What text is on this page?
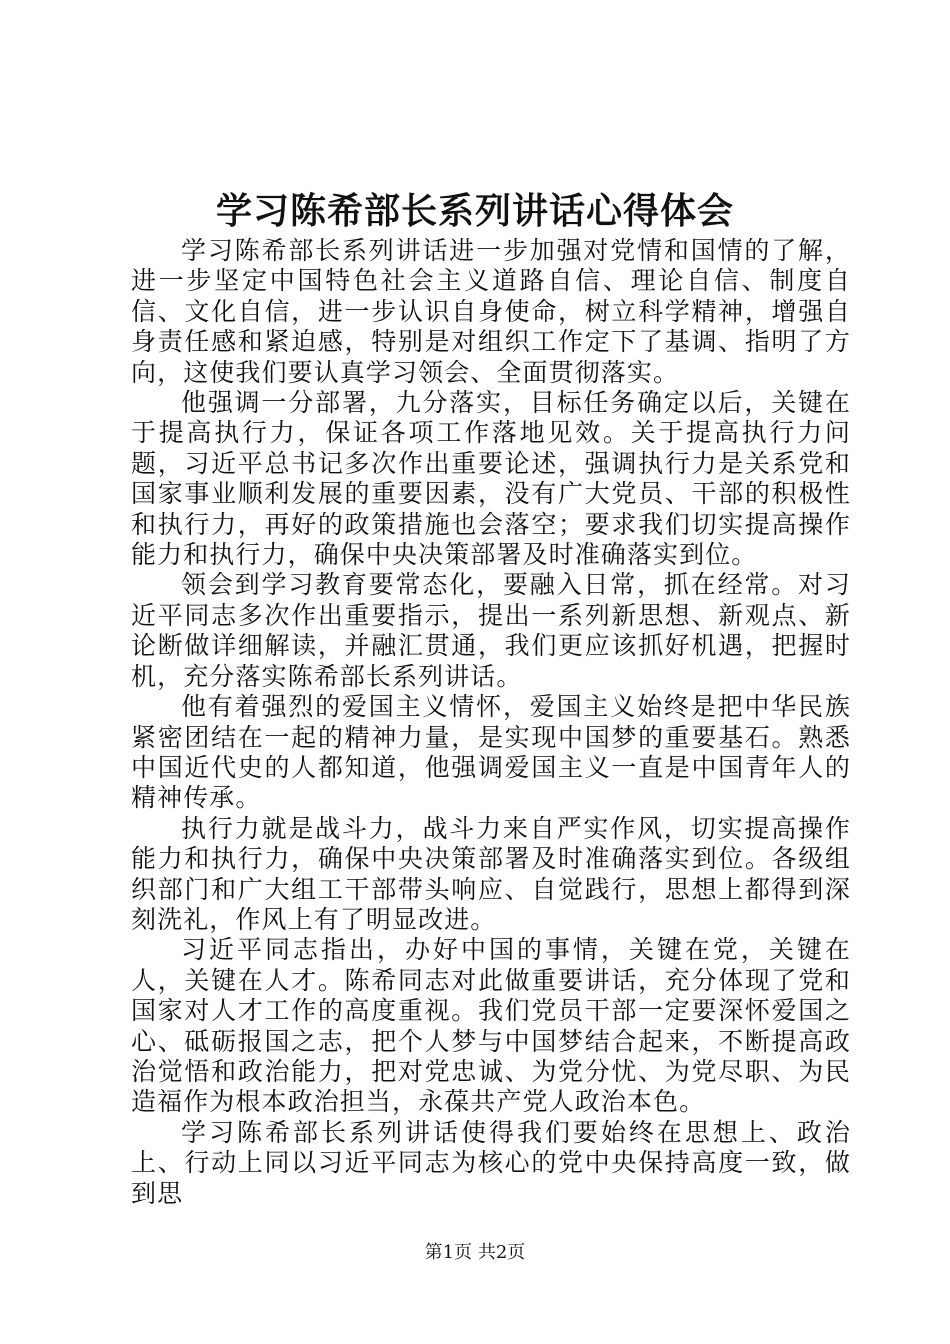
学习陈希部长系列讲话心得体会

学习陈希部长系列讲话进一步加强对党情和国情的了解，进一步坚定中国特色社会主义道路自信、理论自信、制度自信、文化自信，进一步认识自身使命，树立科学精神，增强自身责任感和紧迫感，特别是对组织工作定下了基调、指明了方向，这使我们要认真学习领会、全面贯彻落实。

他强调一分部署，九分落实，目标任务确定以后，关键在于提高执行力，保证各项工作落地见效。关于提高执行力问题，习近平总书记多次作出重要论述，强调执行力是关系党和国家事业顺利发展的重要因素，没有广大党员、干部的积极性和执行力，再好的政策措施也会落空；要求我们切实提高操作能力和执行力，确保中央决策部署及时准确落实到位。

领会到学习教育要常态化，要融入日常，抓在经常。对习近平同志多次作出重要指示，提出一系列新思想、新观点、新论断做详细解读，并融汇贯通，我们更应该抓好机遇，把握时机，充分落实陈希部长系列讲话。

他有着强烈的爱国主义情怀，爱国主义始终是把中华民族紧密团结在一起的精神力量，是实现中国梦的重要基石。熟悉中国近代史的人都知道，他强调爱国主义一直是中国青年人的精神传承。

执行力就是战斗力，战斗力来自严实作风，切实提高操作能力和执行力，确保中央决策部署及时准确落实到位。各级组织部门和广大组工干部带头响应、自觉践行，思想上都得到深刻洗礼，作风上有了明显改进。

习近平同志指出，办好中国的事情，关键在党，关键在人，关键在人才。陈希同志对此做重要讲话，充分体现了党和国家对人才工作的高度重视。我们党员干部一定要深怀爱国之心、砥砺报国之志，把个人梦与中国梦结合起来，不断提高政治觉悟和政治能力，把对党忠诚、为党分忧、为党尽职、为民造福作为根本政治担当，永葆共产党人政治本色。

学习陈希部长系列讲话使得我们要始终在思想上、政治上、行动上同以习近平同志为核心的党中央保持高度一致，做到思

第1页 共2页
